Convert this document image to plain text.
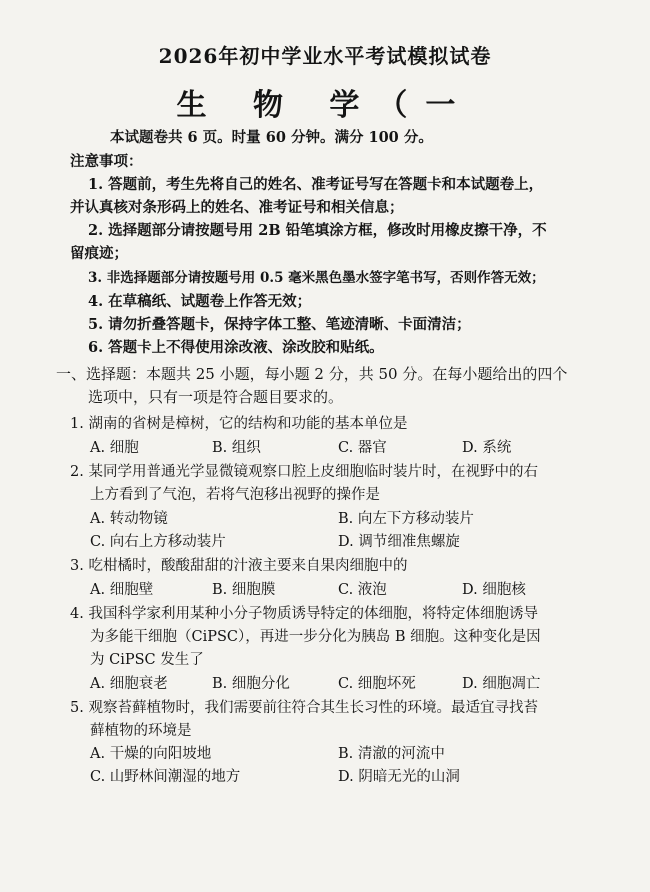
2026年初中学业水平考试模拟试卷
生 物 学（一
本试题卷共 6 页。时量 60 分钟。满分 100 分。
注意事项：
1. 答题前，考生先将自己的姓名、准考证号写在答题卡和本试题卷上，
并认真核对条形码上的姓名、准考证号和相关信息；
2. 选择题部分请按题号用 2B 铅笔填涂方框，修改时用橡皮擦干净，不
留痕迹；
3. 非选择题部分请按题号用 0.5 毫米黑色墨水签字笔书写，否则作答无效；
4. 在草稿纸、试题卷上作答无效；
5. 请勿折叠答题卡，保持字体工整、笔迹清晰、卡面清洁；
6. 答题卡上不得使用涂改液、涂改胶和贴纸。
一、选择题：本题共 25 小题，每小题 2 分，共 50 分。在每小题给出的四个
选项中，只有一项是符合题目要求的。
1. 湖南的省树是樟树，它的结构和功能的基本单位是
A. 细胞	B. 组织	C. 器官	D. 系统
2. 某同学用普通光学显微镜观察口腔上皮细胞临时装片时，在视野中的右
上方看到了气泡，若将气泡移出视野的操作是
A. 转动物镜	B. 向左下方移动装片
C. 向右上方移动装片	D. 调节细准焦螺旋
3. 吃柑橘时，酸酸甜甜的汁液主要来自果肉细胞中的
A. 细胞壁	B. 细胞膜	C. 液泡	D. 细胞核
4. 我国科学家利用某种小分子物质诱导特定的体细胞，将特定体细胞诱导
为多能干细胞（CiPSC），再进一步分化为胰岛 B 细胞。这种变化是因
为 CiPSC 发生了
A. 细胞衰老	B. 细胞分化	C. 细胞坏死	D. 细胞凋亡
5. 观察苔藓植物时，我们需要前往符合其生长习性的环境。最适宜寻找苔
藓植物的环境是
A. 干燥的向阳坡地	B. 清澈的河流中
C. 山野林间潮湿的地方	D. 阴暗无光的山洞
